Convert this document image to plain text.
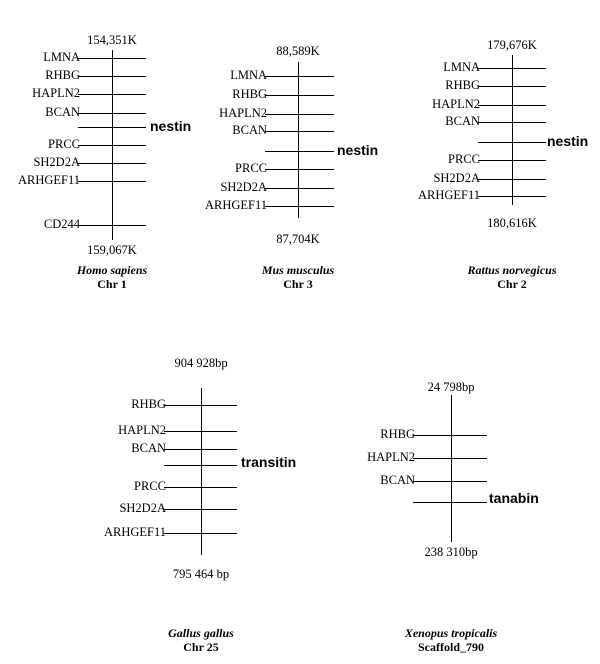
154,351K
159,067K
LMNA
RHBG
HAPLN2
BCAN
PRCC
SH2D2A
ARHGEF11
CD244
nestin
Homo sapiens
Chr 1
88,589K
87,704K
LMNA
RHBG
HAPLN2
BCAN
PRCC
SH2D2A
ARHGEF11
nestin
Mus musculus
Chr 3
179,676K
180,616K
LMNA
RHBG
HAPLN2
BCAN
PRCC
SH2D2A
ARHGEF11
nestin
Rattus norvegicus
Chr 2
904 928bp
795 464 bp
RHBG
HAPLN2
BCAN
PRCC
SH2D2A
ARHGEF11
transitin
Gallus gallus
Chr 25
24 798bp
238 310bp
RHBG
HAPLN2
BCAN
tanabin
Xenopus tropicalis
Scaffold_790
